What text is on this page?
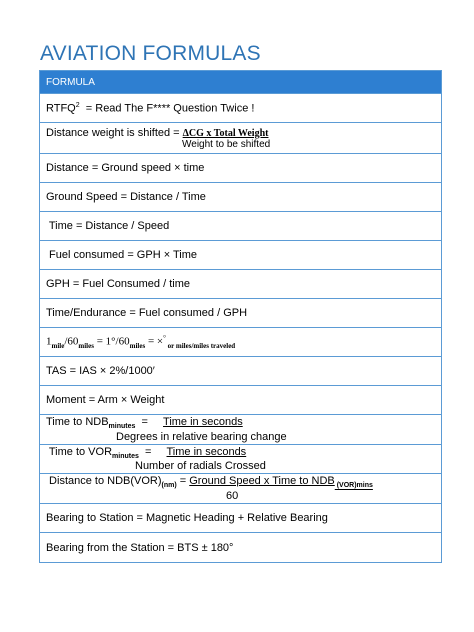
AVIATION FORMULAS
FORMULA
RTFQ$^2$  = Read The F**** Question Twice !
Distance weight is shifted = ΔCG x Total Weight
Weight to be shifted
Distance = Ground speed × time
Ground Speed = Distance / Time
Time = Distance / Speed
Fuel consumed = GPH × Time
GPH = Fuel Consumed / time
Time/Endurance = Fuel consumed / GPH
$1_{mile}/60_{miles} = 1^\circ/60_{miles} = \times^\circ$ $_{or miles/miles traveled}$
TAS = IAS × 2%/1000′
Moment = Arm × Weight
Time to $NDB_{minutes}$  =     Time in seconds
Degrees in relative bearing change
Time to $VOR_{minutes}$  =     Time in seconds
Number of radials Crossed
Distance to $NDB(VOR)_{(nm)}$ = Ground Speed x Time to NDB $_{(VOR)mins}$
60
Bearing to Station = Magnetic Heading + Relative Bearing
Bearing from the Station = BTS ± 180°
